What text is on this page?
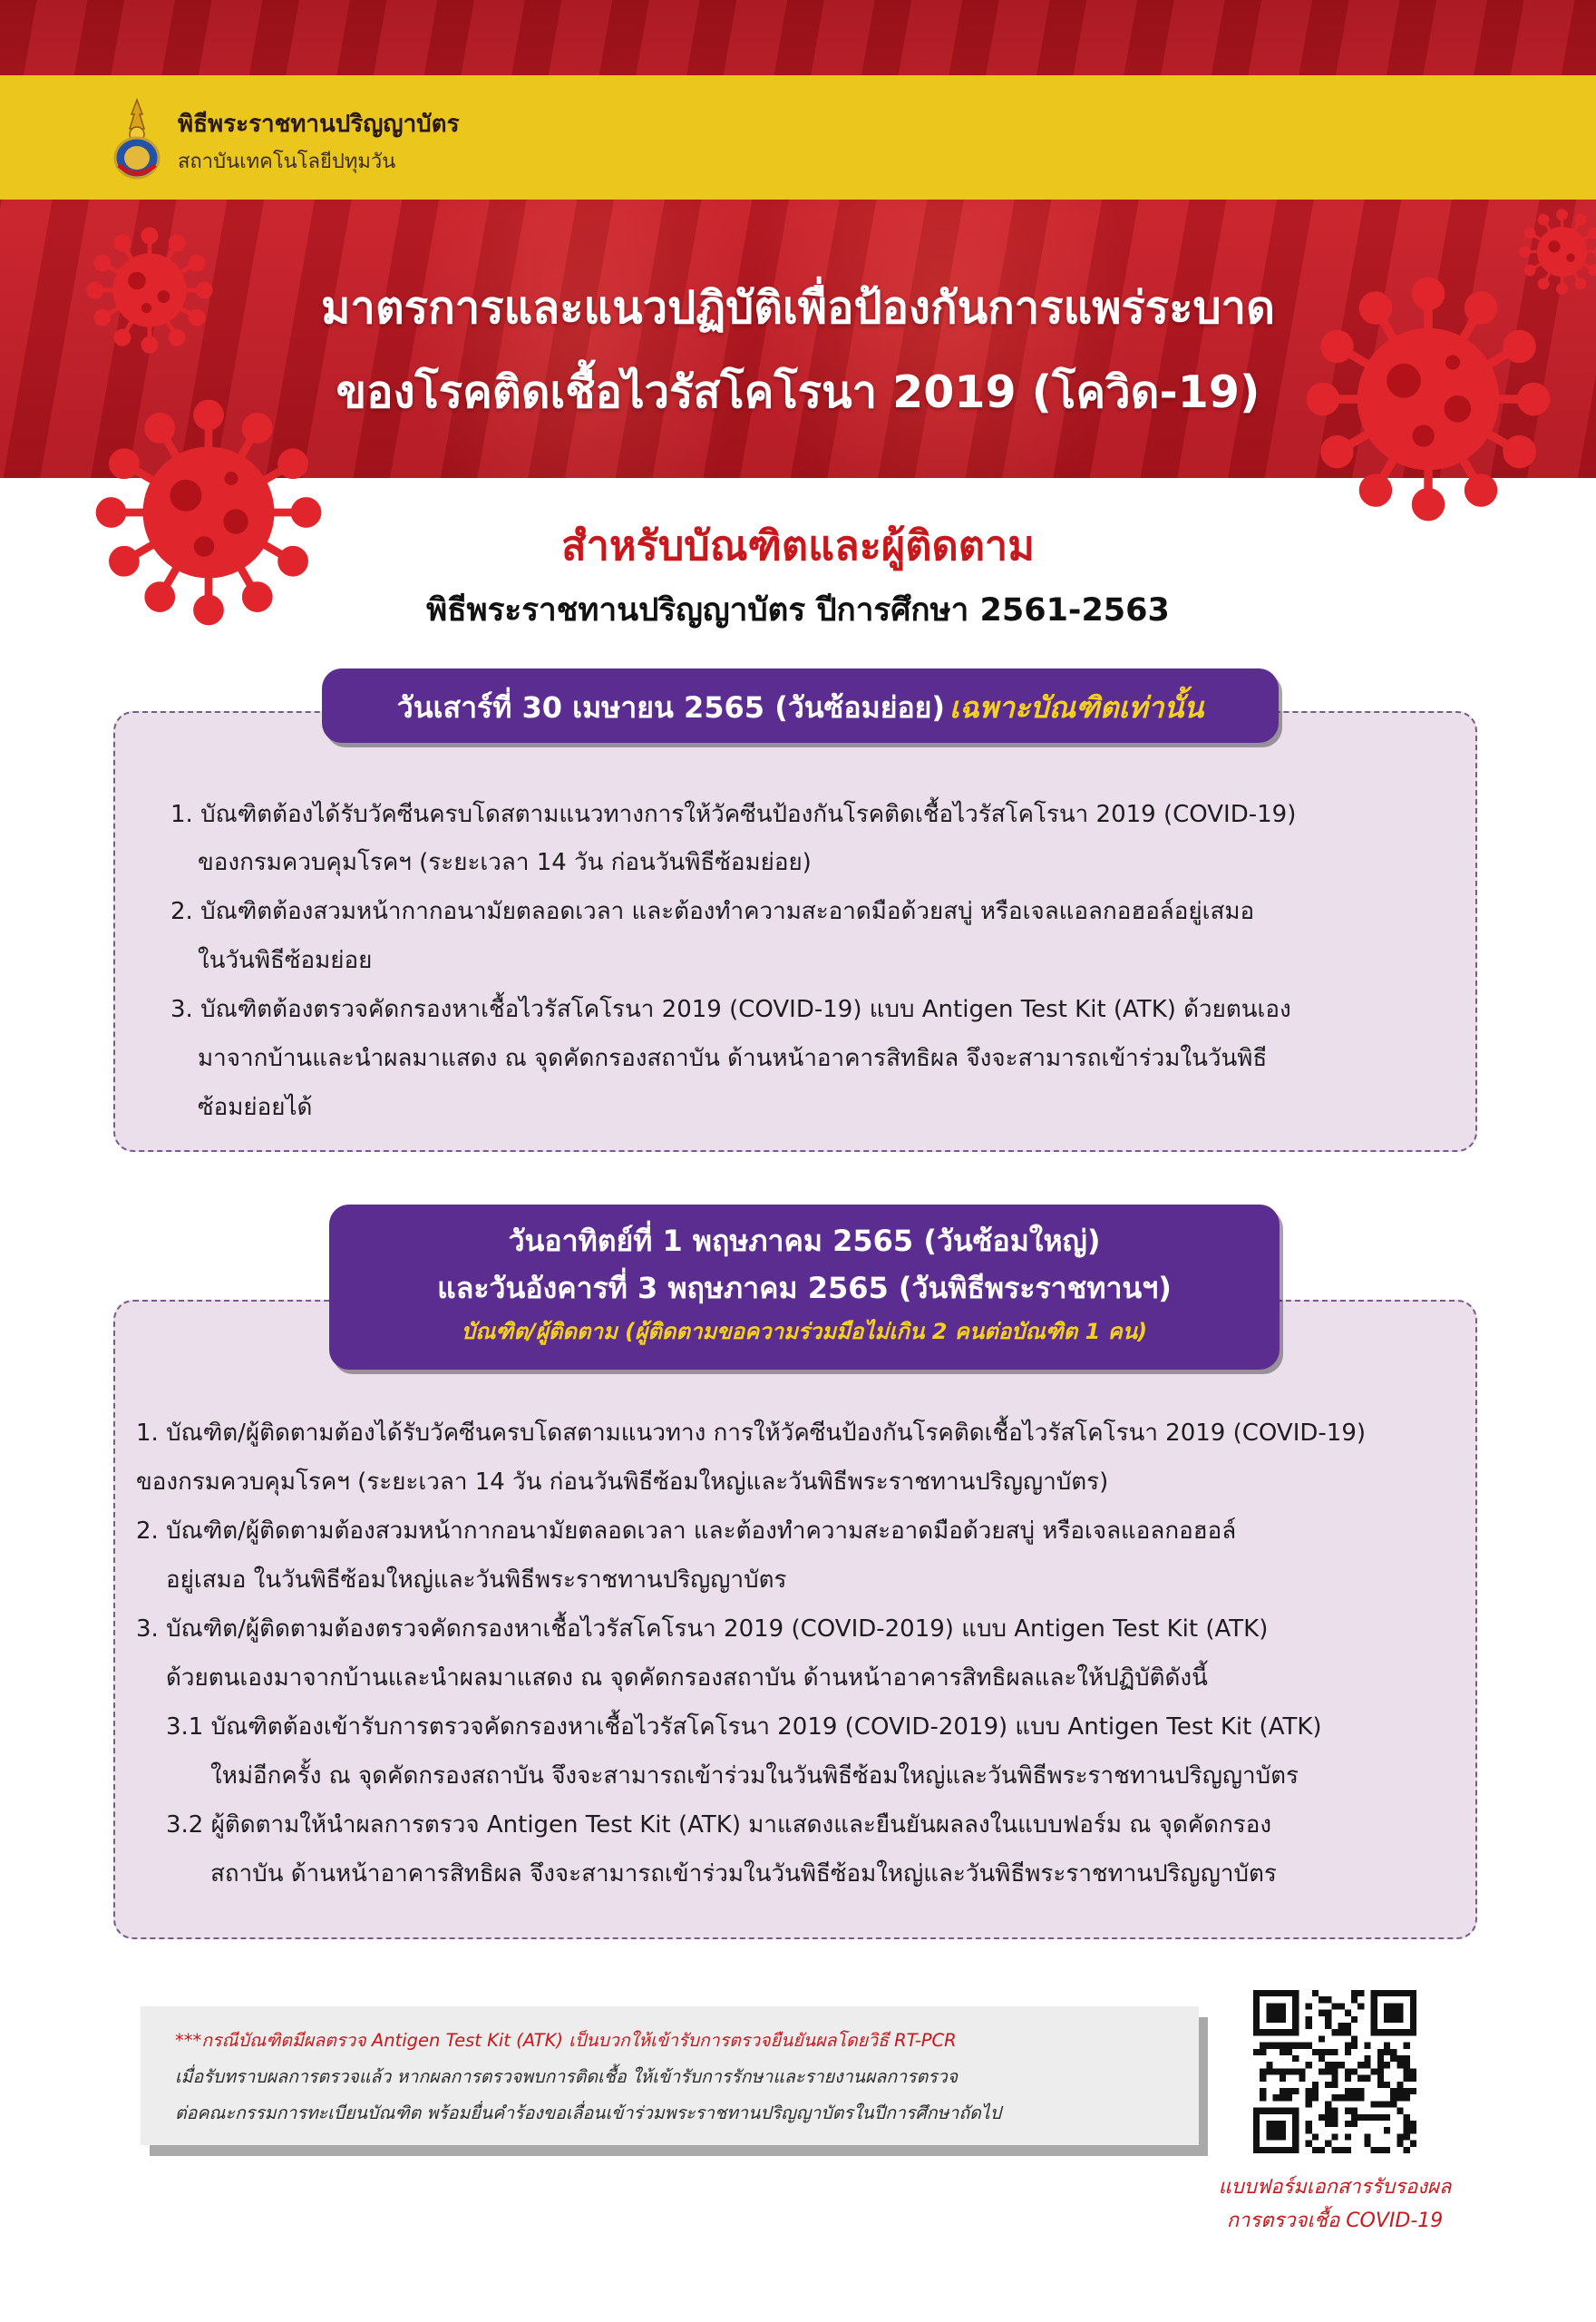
พิธีพระราชทานปริญญาบัตร
สถาบันเทคโนโลยีปทุมวัน
มาตรการและแนวปฏิบัติเพื่อป้องกันการแพร่ระบาด
ของโรคติดเชื้อไวรัสโคโรนา 2019 (โควิด-19)
สำหรับบัณฑิตและผู้ติดตาม
พิธีพระราชทานปริญญาบัตร ปีการศึกษา 2561-2563
วันเสาร์ที่ 30 เมษายน 2565 (วันซ้อมย่อย) เฉพาะบัณฑิตเท่านั้น
1. บัณฑิตต้องได้รับวัคซีนครบโดสตามแนวทางการให้วัคซีนป้องกันโรคติดเชื้อไวรัสโคโรนา 2019 (COVID-19)
ของกรมควบคุมโรคฯ (ระยะเวลา 14 วัน ก่อนวันพิธีซ้อมย่อย)
2. บัณฑิตต้องสวมหน้ากากอนามัยตลอดเวลา และต้องทำความสะอาดมือด้วยสบู่ หรือเจลแอลกอฮอล์อยู่เสมอ
ในวันพิธีซ้อมย่อย
3. บัณฑิตต้องตรวจคัดกรองหาเชื้อไวรัสโคโรนา 2019 (COVID-19) แบบ Antigen Test Kit (ATK) ด้วยตนเอง
มาจากบ้านและนำผลมาแสดง ณ จุดคัดกรองสถาบัน ด้านหน้าอาคารสิทธิผล จึงจะสามารถเข้าร่วมในวันพิธี
ซ้อมย่อยได้
วันอาทิตย์ที่ 1 พฤษภาคม 2565 (วันซ้อมใหญ่)
และวันอังคารที่ 3 พฤษภาคม 2565 (วันพิธีพระราชทานฯ)
บัณฑิต/ผู้ติดตาม (ผู้ติดตามขอความร่วมมือไม่เกิน 2 คนต่อบัณฑิต 1 คน)
1. บัณฑิต/ผู้ติดตามต้องได้รับวัคซีนครบโดสตามแนวทาง การให้วัคซีนป้องกันโรคติดเชื้อไวรัสโคโรนา 2019 (COVID-19)
ของกรมควบคุมโรคฯ (ระยะเวลา 14 วัน ก่อนวันพิธีซ้อมใหญ่และวันพิธีพระราชทานปริญญาบัตร)
2. บัณฑิต/ผู้ติดตามต้องสวมหน้ากากอนามัยตลอดเวลา และต้องทำความสะอาดมือด้วยสบู่ หรือเจลแอลกอฮอล์
อยู่เสมอ ในวันพิธีซ้อมใหญ่และวันพิธีพระราชทานปริญญาบัตร
3. บัณฑิต/ผู้ติดตามต้องตรวจคัดกรองหาเชื้อไวรัสโคโรนา 2019 (COVID-2019) แบบ Antigen Test Kit (ATK)
ด้วยตนเองมาจากบ้านและนำผลมาแสดง ณ จุดคัดกรองสถาบัน ด้านหน้าอาคารสิทธิผลและให้ปฏิบัติดังนี้
3.1 บัณฑิตต้องเข้ารับการตรวจคัดกรองหาเชื้อไวรัสโคโรนา 2019 (COVID-2019) แบบ Antigen Test Kit (ATK)
ใหม่อีกครั้ง ณ จุดคัดกรองสถาบัน จึงจะสามารถเข้าร่วมในวันพิธีซ้อมใหญ่และวันพิธีพระราชทานปริญญาบัตร
3.2 ผู้ติดตามให้นำผลการตรวจ Antigen Test Kit (ATK) มาแสดงและยืนยันผลลงในแบบฟอร์ม ณ จุดคัดกรอง
สถาบัน ด้านหน้าอาคารสิทธิผล จึงจะสามารถเข้าร่วมในวันพิธีซ้อมใหญ่และวันพิธีพระราชทานปริญญาบัตร
***กรณีบัณฑิตมีผลตรวจ Antigen Test Kit (ATK) เป็นบวกให้เข้ารับการตรวจยืนยันผลโดยวิธี RT-PCR
เมื่อรับทราบผลการตรวจแล้ว หากผลการตรวจพบการติดเชื้อ ให้เข้ารับการรักษาและรายงานผลการตรวจ
ต่อคณะกรรมการทะเบียนบัณฑิต พร้อมยื่นคำร้องขอเลื่อนเข้าร่วมพระราชทานปริญญาบัตรในปีการศึกษาถัดไป
แบบฟอร์มเอกสารรับรองผล
การตรวจเชื้อ COVID-19
